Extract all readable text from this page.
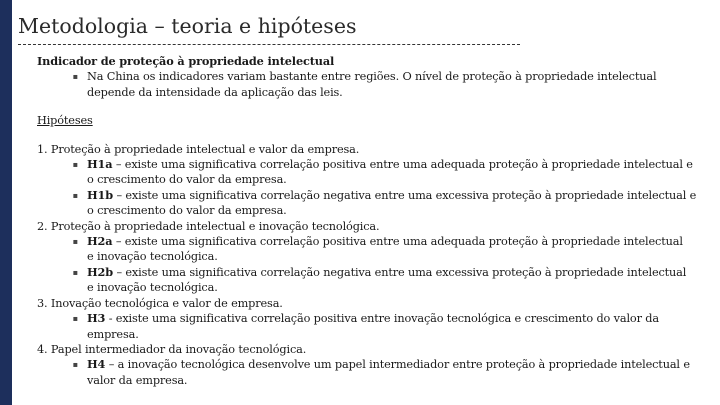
Metodologia – teoria e hipóteses
Indicador de proteção à propriedade intelectual
▪ Na China os indicadores variam bastante entre regiões. O nível de proteção à propriedade intelectual

depende da intensidade da aplicação das leis.

Hipóteses
1. Proteção à propriedade intelectual e valor da empresa.
▪ H1a – existe uma significativa correlação positiva entre uma adequada proteção à propriedade intelectual e

o crescimento do valor da empresa.

▪ H1b – existe uma significativa correlação negativa entre uma excessiva proteção à propriedade intelectual e

o crescimento do valor da empresa.

2. Proteção à propriedade intelectual e inovação tecnológica.
▪ H2a – existe uma significativa correlação positiva entre uma adequada proteção à propriedade intelectual

e inovação tecnológica.

▪ H2b – existe uma significativa correlação negativa entre uma excessiva proteção à propriedade intelectual

e inovação tecnológica.

3. Inovação tecnológica e valor de empresa.
▪ H3 - existe uma significativa correlação positiva entre inovação tecnológica e crescimento do valor da

empresa.

4. Papel intermediador da inovação tecnológica.
▪ H4 – a inovação tecnológica desenvolve um papel intermediador entre proteção à propriedade intelectual e

valor da empresa.
